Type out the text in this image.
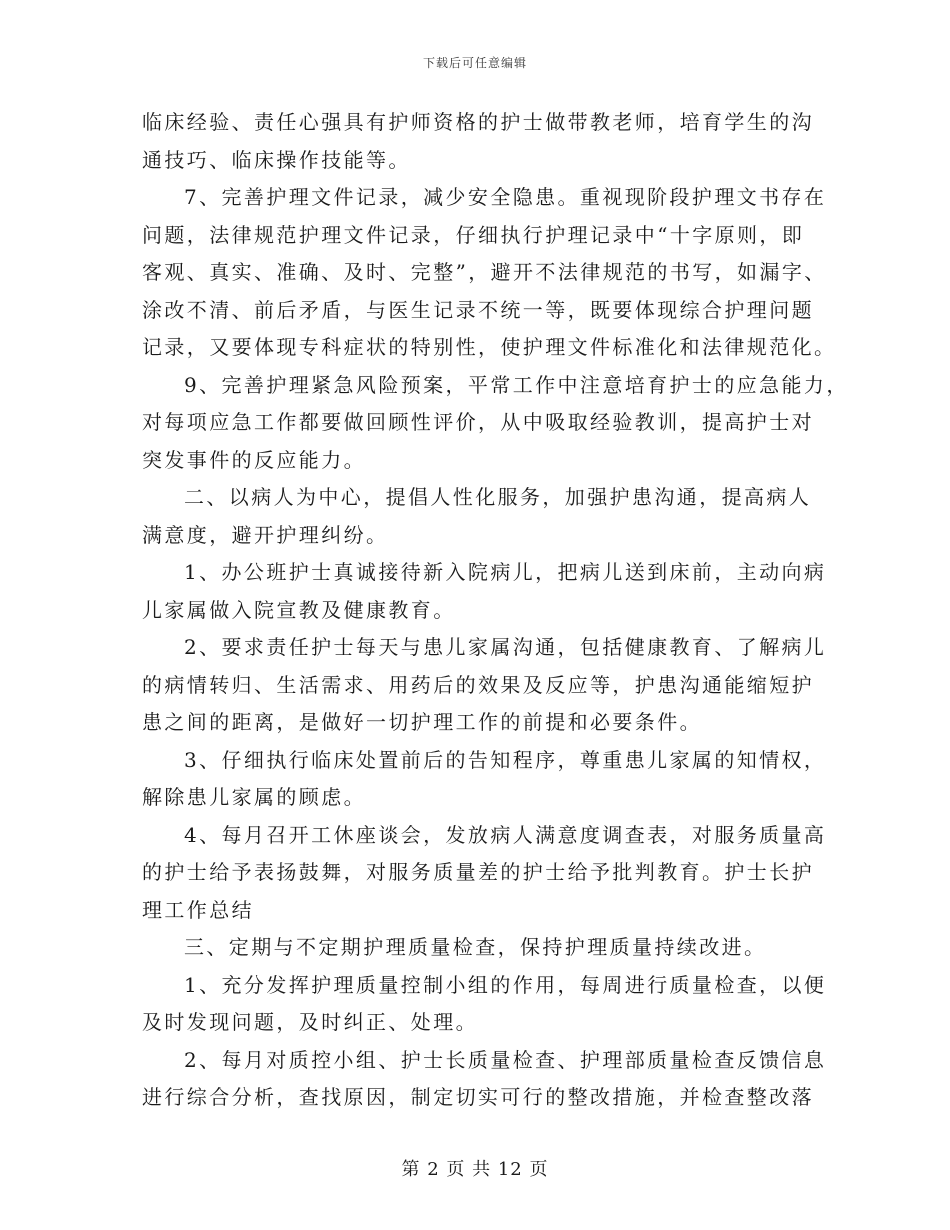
下载后可任意编辑
临床经验、责任心强具有护师资格的护士做带教老师，培育学生的沟
通技巧、临床操作技能等。
7、完善护理文件记录，减少安全隐患。重视现阶段护理文书存在
问题，法律规范护理文件记录，仔细执行护理记录中“十字原则，即
客观、真实、准确、及时、完整”，避开不法律规范的书写，如漏字、
涂改不清、前后矛盾，与医生记录不统一等，既要体现综合护理问题
记录，又要体现专科症状的特别性，使护理文件标准化和法律规范化。
9、完善护理紧急风险预案，平常工作中注意培育护士的应急能力，
对每项应急工作都要做回顾性评价，从中吸取经验教训，提高护士对
突发事件的反应能力。
二、以病人为中心，提倡人性化服务，加强护患沟通，提高病人
满意度，避开护理纠纷。
1、办公班护士真诚接待新入院病儿，把病儿送到床前，主动向病
儿家属做入院宣教及健康教育。
2、要求责任护士每天与患儿家属沟通，包括健康教育、了解病儿
的病情转归、生活需求、用药后的效果及反应等，护患沟通能缩短护
患之间的距离，是做好一切护理工作的前提和必要条件。
3、仔细执行临床处置前后的告知程序，尊重患儿家属的知情权，
解除患儿家属的顾虑。
4、每月召开工休座谈会，发放病人满意度调查表，对服务质量高
的护士给予表扬鼓舞，对服务质量差的护士给予批判教育。护士长护
理工作总结
三、定期与不定期护理质量检查，保持护理质量持续改进。
1、充分发挥护理质量控制小组的作用，每周进行质量检查，以便
及时发现问题，及时纠正、处理。
2、每月对质控小组、护士长质量检查、护理部质量检查反馈信息
进行综合分析，查找原因，制定切实可行的整改措施，并检查整改落
第 2 页 共 12 页
